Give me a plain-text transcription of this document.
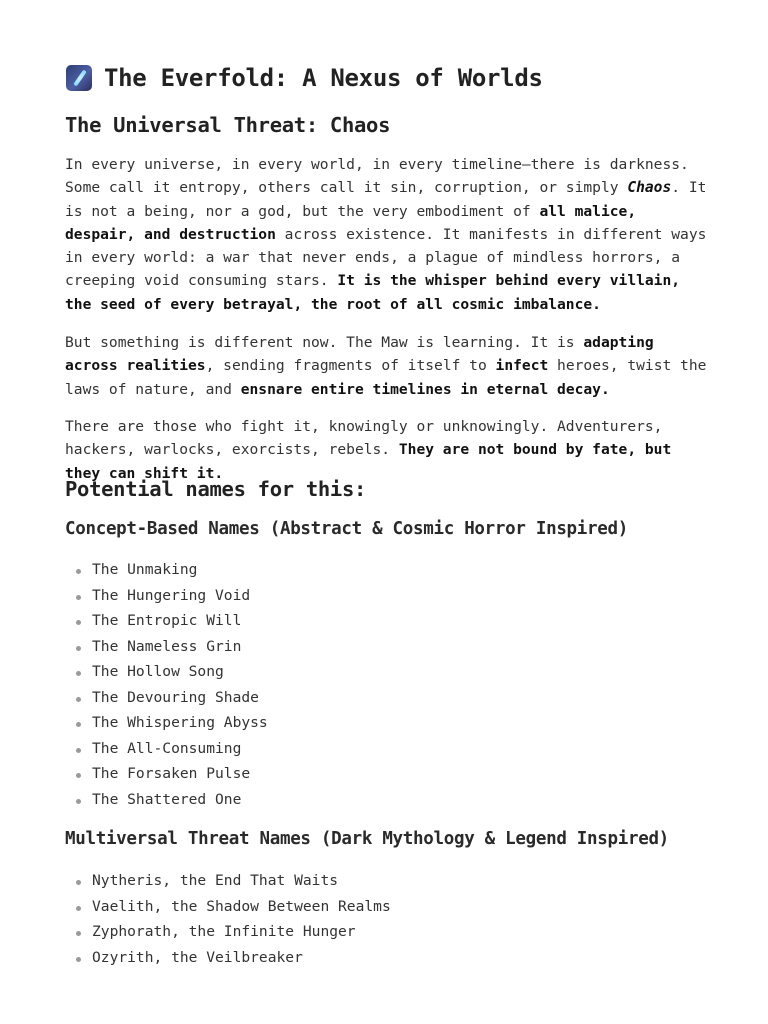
The Everfold: A Nexus of Worlds
The Universal Threat: Chaos

In every universe, in every world, in every timeline—there is darkness. Some call it entropy, others call it sin, corruption, or simply Chaos. It is not a being, nor a god, but the very embodiment of all malice, despair, and destruction across existence. It manifests in different ways in every world: a war that never ends, a plague of mindless horrors, a creeping void consuming stars. It is the whisper behind every villain, the seed of every betrayal, the root of all cosmic imbalance.

But something is different now. The Maw is learning. It is adapting across realities, sending fragments of itself to infect heroes, twist the laws of nature, and ensnare entire timelines in eternal decay.

There are those who fight it, knowingly or unknowingly. Adventurers, hackers, warlocks, exorcists, rebels. They are not bound by fate, but they can shift it.

Potential names for this:
Concept-Based Names (Abstract & Cosmic Horror Inspired)
The Unmaking
The Hungering Void
The Entropic Will
The Nameless Grin
The Hollow Song
The Devouring Shade
The Whispering Abyss
The All-Consuming
The Forsaken Pulse
The Shattered One
Multiversal Threat Names (Dark Mythology & Legend Inspired)
Nytheris, the End That Waits
Vaelith, the Shadow Between Realms
Zyphorath, the Infinite Hunger
Ozyrith, the Veilbreaker
